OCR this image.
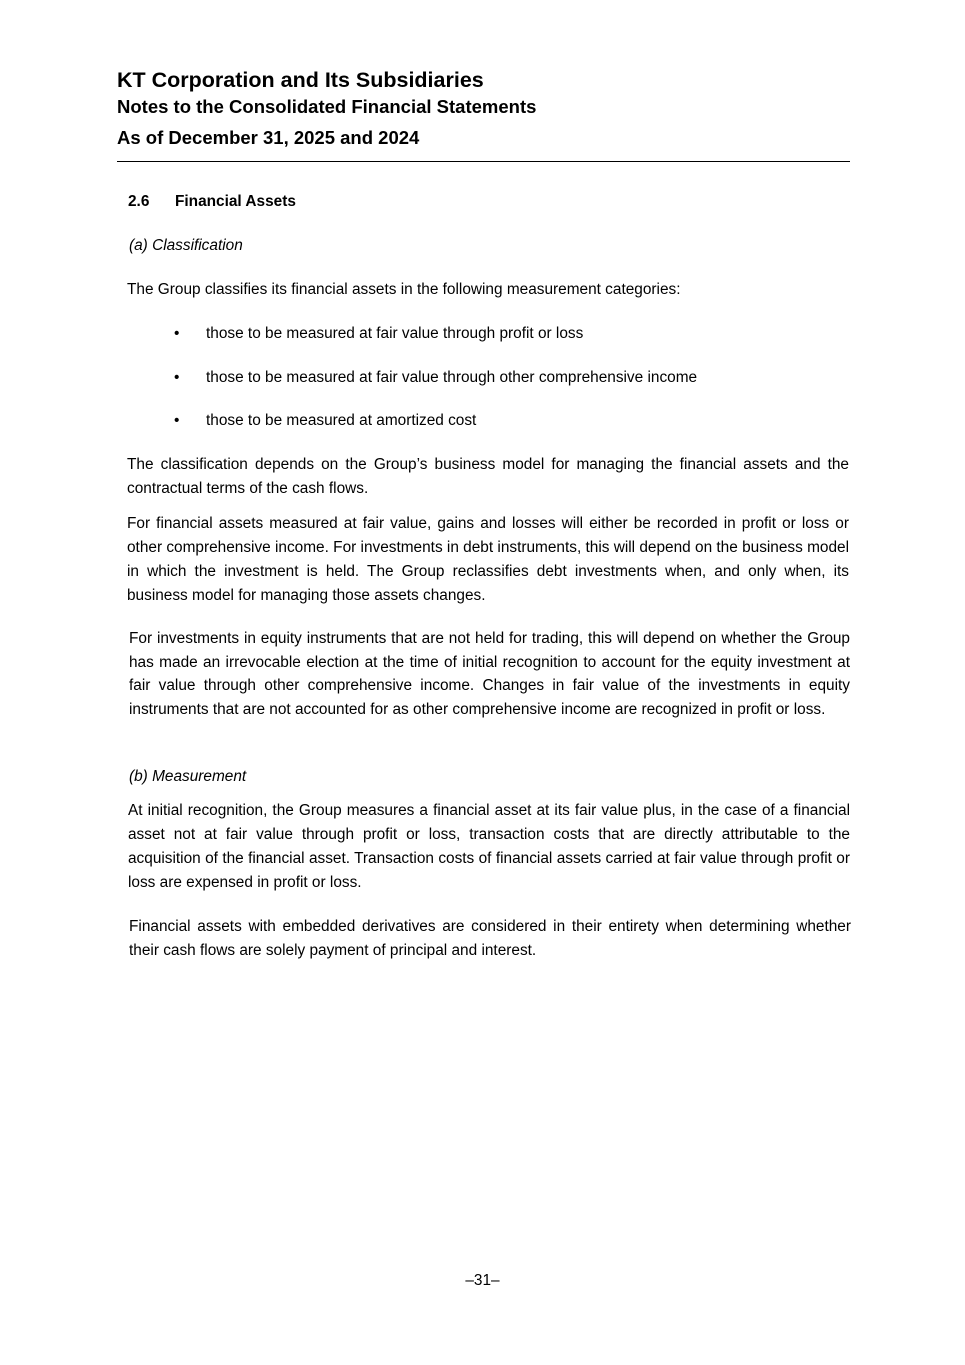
KT Corporation and Its Subsidiaries
Notes to the Consolidated Financial Statements
As of December 31, 2025 and 2024
2.6 Financial Assets
(a) Classification
The Group classifies its financial assets in the following measurement categories:
• those to be measured at fair value through profit or loss
• those to be measured at fair value through other comprehensive income
• those to be measured at amortized cost
The classification depends on the Group’s business model for managing the financial assets and the contractual terms of the cash flows.
For financial assets measured at fair value, gains and losses will either be recorded in profit or loss or other comprehensive income. For investments in debt instruments, this will depend on the business model in which the investment is held. The Group reclassifies debt investments when, and only when, its business model for managing those assets changes.
For investments in equity instruments that are not held for trading, this will depend on whether the Group has made an irrevocable election at the time of initial recognition to account for the equity investment at fair value through other comprehensive income. Changes in fair value of the investments in equity instruments that are not accounted for as other comprehensive income are recognized in profit or loss.
(b) Measurement
At initial recognition, the Group measures a financial asset at its fair value plus, in the case of a financial asset not at fair value through profit or loss, transaction costs that are directly attributable to the acquisition of the financial asset. Transaction costs of financial assets carried at fair value through profit or loss are expensed in profit or loss.
Financial assets with embedded derivatives are considered in their entirety when determining whether their cash flows are solely payment of principal and interest.
–31–
